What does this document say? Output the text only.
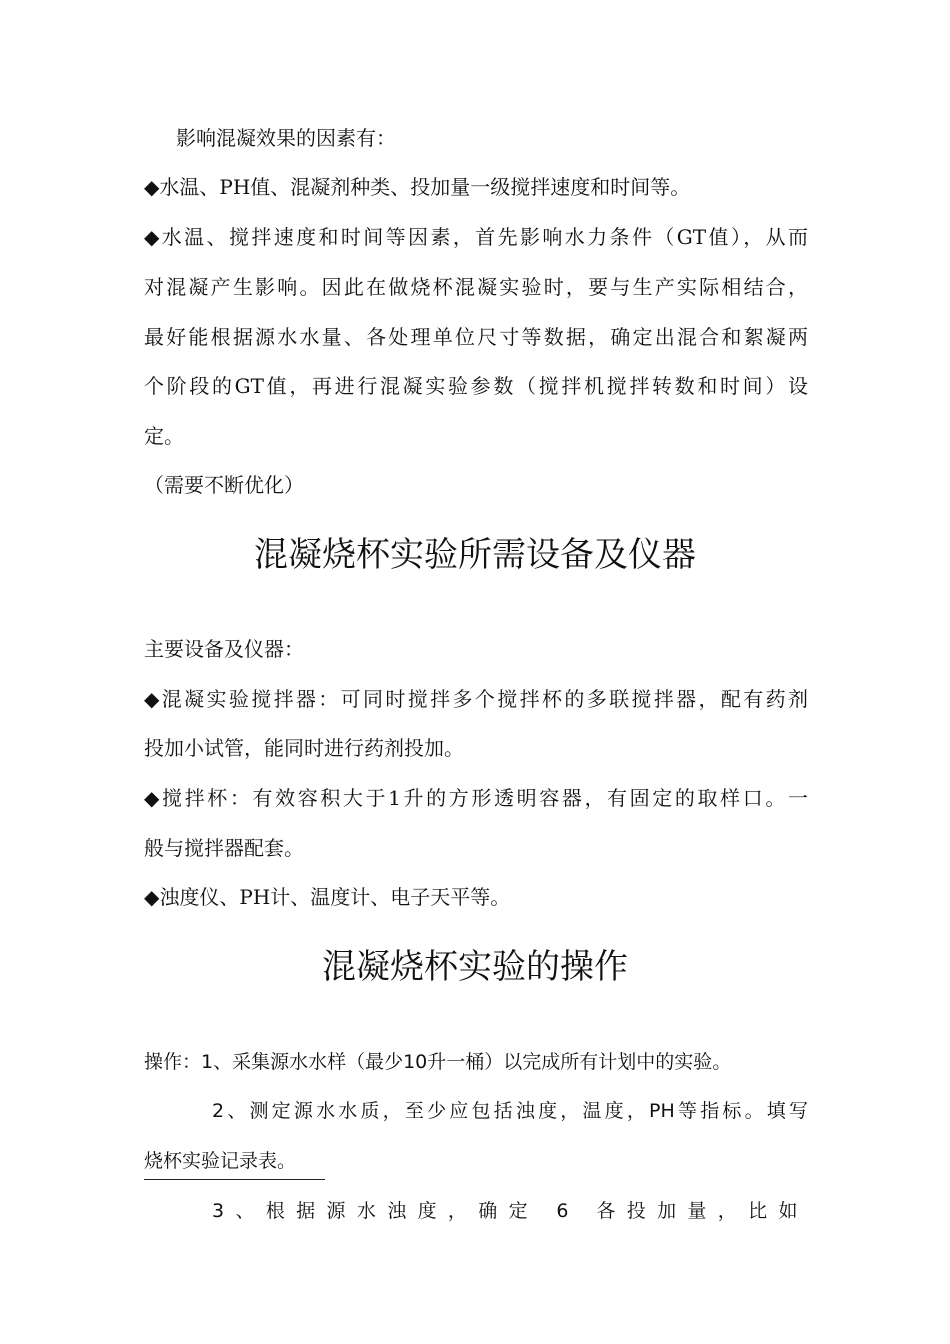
影响混凝效果的因素有：
◆水温、PH值、混凝剂种类、投加量一级搅拌速度和时间等。
◆水温、搅拌速度和时间等因素，首先影响水力条件（GT值），从而
对混凝产生影响。因此在做烧杯混凝实验时，要与生产实际相结合，
最好能根据源水水量、各处理单位尺寸等数据，确定出混合和絮凝两
个阶段的GT值，再进行混凝实验参数（搅拌机搅拌转数和时间）设
定。
（需要不断优化）
混凝烧杯实验所需设备及仪器
主要设备及仪器：
◆混凝实验搅拌器：可同时搅拌多个搅拌杯的多联搅拌器，配有药剂
投加小试管，能同时进行药剂投加。
◆搅拌杯：有效容积大于1升的方形透明容器，有固定的取样口。一
般与搅拌器配套。
◆浊度仪、PH计、温度计、电子天平等。
混凝烧杯实验的操作
操作：1、采集源水水样（最少10升一桶）以完成所有计划中的实验。
2、测定源水水质，至少应包括浊度，温度，PH等指标。填写
烧杯实验记录表。
3、根据源水浊度，确定 6 各投加量，比如
